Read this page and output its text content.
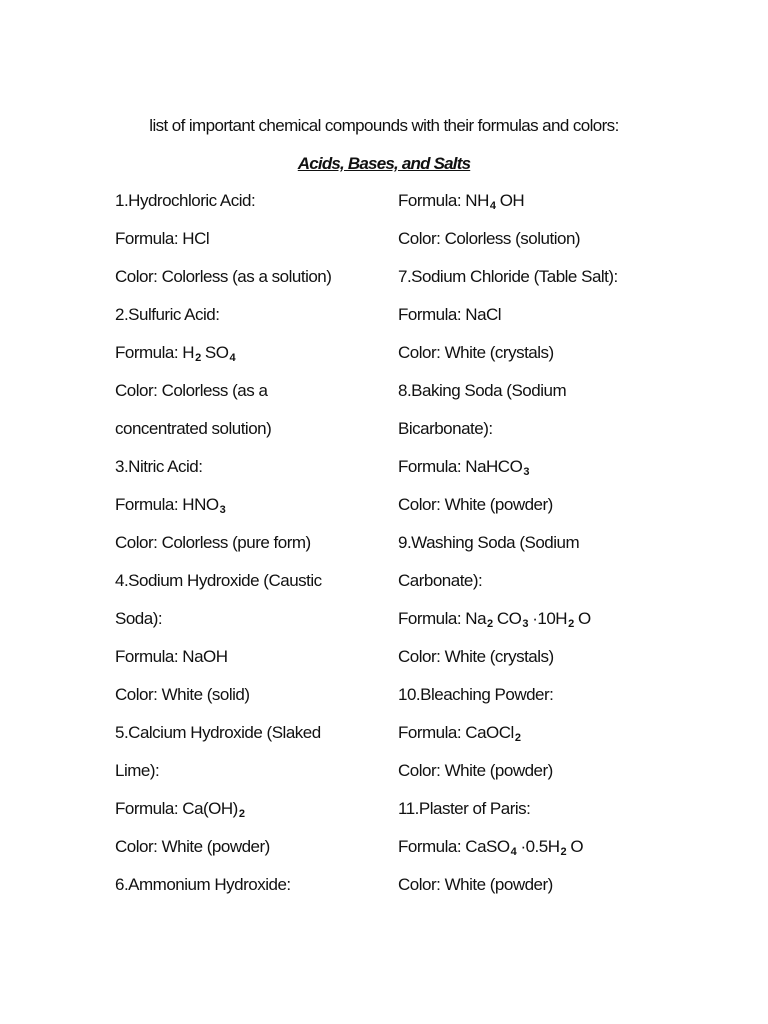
list of important chemical compounds with their formulas and colors:
Acids, Bases, and Salts
1.Hydrochloric Acid:
Formula: HCl
Color: Colorless (as a solution)
2.Sulfuric Acid:
Formula: $H_2$ $SO_4$
Color: Colorless (as a
concentrated solution)
3.Nitric Acid:
Formula: $HNO_3$
Color: Colorless (pure form)
4.Sodium Hydroxide (Caustic
Soda):
Formula: NaOH
Color: White (solid)
5.Calcium Hydroxide (Slaked
Lime):
Formula: $Ca(OH)_2$
Color: White (powder)
6.Ammonium Hydroxide:
Formula: $NH_4$ OH
Color: Colorless (solution)
7.Sodium Chloride (Table Salt):
Formula: NaCl
Color: White (crystals)
8.Baking Soda (Sodium
Bicarbonate):
Formula: NaHCO$_3$
Color: White (powder)
9.Washing Soda (Sodium
Carbonate):
Formula: $Na_2$ $CO_3 \cdot 10H_2$ O
Color: White (crystals)
10.Bleaching Powder:
Formula: CaOCl$_2$
Color: White (powder)
11.Plaster of Paris:
Formula: CaSO$_4$ $\cdot 0.5H_2$ O
Color: White (powder)
